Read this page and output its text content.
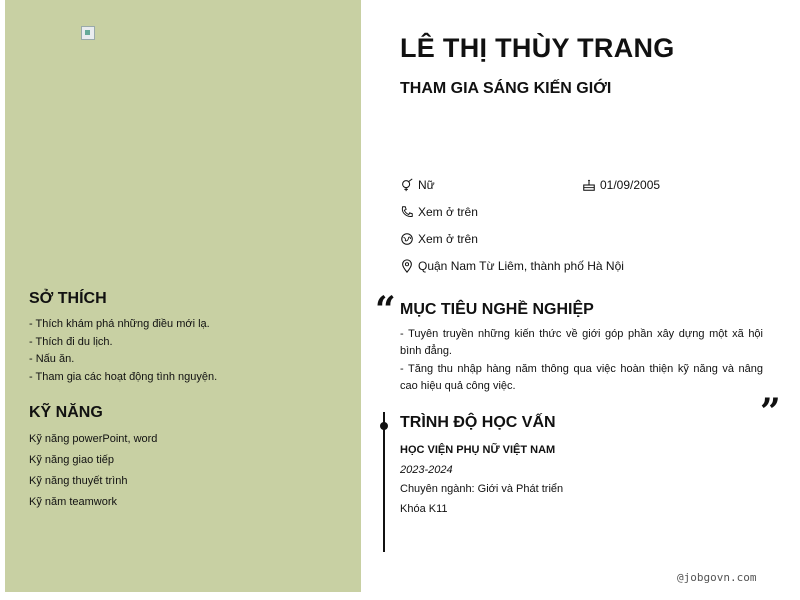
SỞ THÍCH
- Thích khám phá những điều mới lạ.
- Thích đi du lịch.
- Nấu ăn.
- Tham gia các hoạt động tình nguyện.
KỸ NĂNG
Kỹ năng powerPoint, word
Kỹ năng giao tiếp
Kỹ năng thuyết trình
Kỹ năm teamwork
LÊ THỊ THÙY TRANG
THAM GIA SÁNG KIẾN GIỚI
Nữ	01/09/2005
Xem ở trên
Xem ở trên
Quận Nam Từ Liêm, thành phố Hà Nội
“ MỤC TIÊU NGHỀ NGHIỆP
- Tuyên truyền những kiến thức về giới góp phần xây dựng một xã hội bình đẳng.
- Tăng thu nhập hàng năm thông qua việc hoàn thiện kỹ năng và nâng cao hiệu quả công việc.
”
TRÌNH ĐỘ HỌC VẤN
HỌC VIỆN PHỤ NỮ VIỆT NAM
2023-2024
Chuyên ngành: Giới và Phát triển
Khóa K11
@jobgovn.com
